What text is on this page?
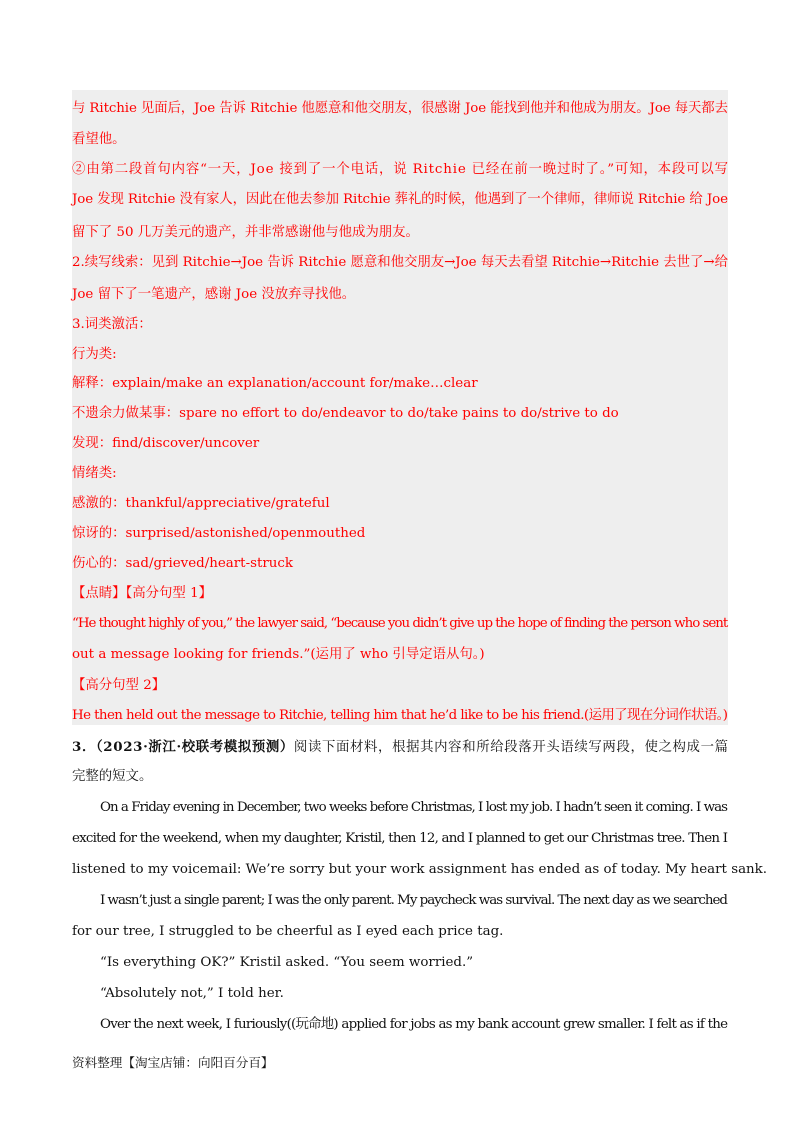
与 Ritchie 见面后，Joe 告诉 Ritchie 他愿意和他交朋友，很感谢 Joe 能找到他并和他成为朋友。Joe 每天都去
看望他。
②由第二段首句内容“一天，Joe 接到了一个电话，说 Ritchie 已经在前一晚过时了。”可知，本段可以写
Joe 发现 Ritchie 没有家人，因此在他去参加 Ritchie 葬礼的时候，他遇到了一个律师，律师说 Ritchie 给 Joe
留下了 50 几万美元的遗产，并非常感谢他与他成为朋友。
2.续写线索：见到 Ritchie→Joe 告诉 Ritchie 愿意和他交朋友→Joe 每天去看望 Ritchie→Ritchie 去世了→给
Joe 留下了一笔遗产，感谢 Joe 没放弃寻找他。
3.词类激活：
行为类:
解释：explain/make an explanation/account for/make…clear
不遗余力做某事：spare no effort to do/endeavor to do/take pains to do/strive to do
发现：find/discover/uncover
情绪类:
感激的：thankful/appreciative/grateful
惊讶的：surprised/astonished/openmouthed
伤心的：sad/grieved/heart-struck
【点睛】【高分句型 1】
“He thought highly of you,” the lawyer said, “because you didn’t give up the hope of finding the person who sent
out a message looking for friends.”(运用了 who 引导定语从句。)
【高分句型 2】
He then held out the message to Ritchie, telling him that he’d like to be his friend.(运用了现在分词作状语。)
3．（2023·浙江·校联考模拟预测）阅读下面材料，根据其内容和所给段落开头语续写两段，使之构成一篇
完整的短文。
On a Friday evening in December, two weeks before Christmas, I lost my job. I hadn’t seen it coming. I was
excited for the weekend, when my daughter, Kristil, then 12, and I planned to get our Christmas tree. Then I
listened to my voicemail: We’re sorry but your work assignment has ended as of today. My heart sank.
I wasn’t just a single parent; I was the only parent. My paycheck was survival. The next day as we searched
for our tree, I struggled to be cheerful as I eyed each price tag.
“Is everything OK?” Kristil asked. “You seem worried.”
“Absolutely not,” I told her.
Over the next week, I furiously((玩命地) applied for jobs as my bank account grew smaller. I felt as if the
资料整理【淘宝店铺：向阳百分百】
